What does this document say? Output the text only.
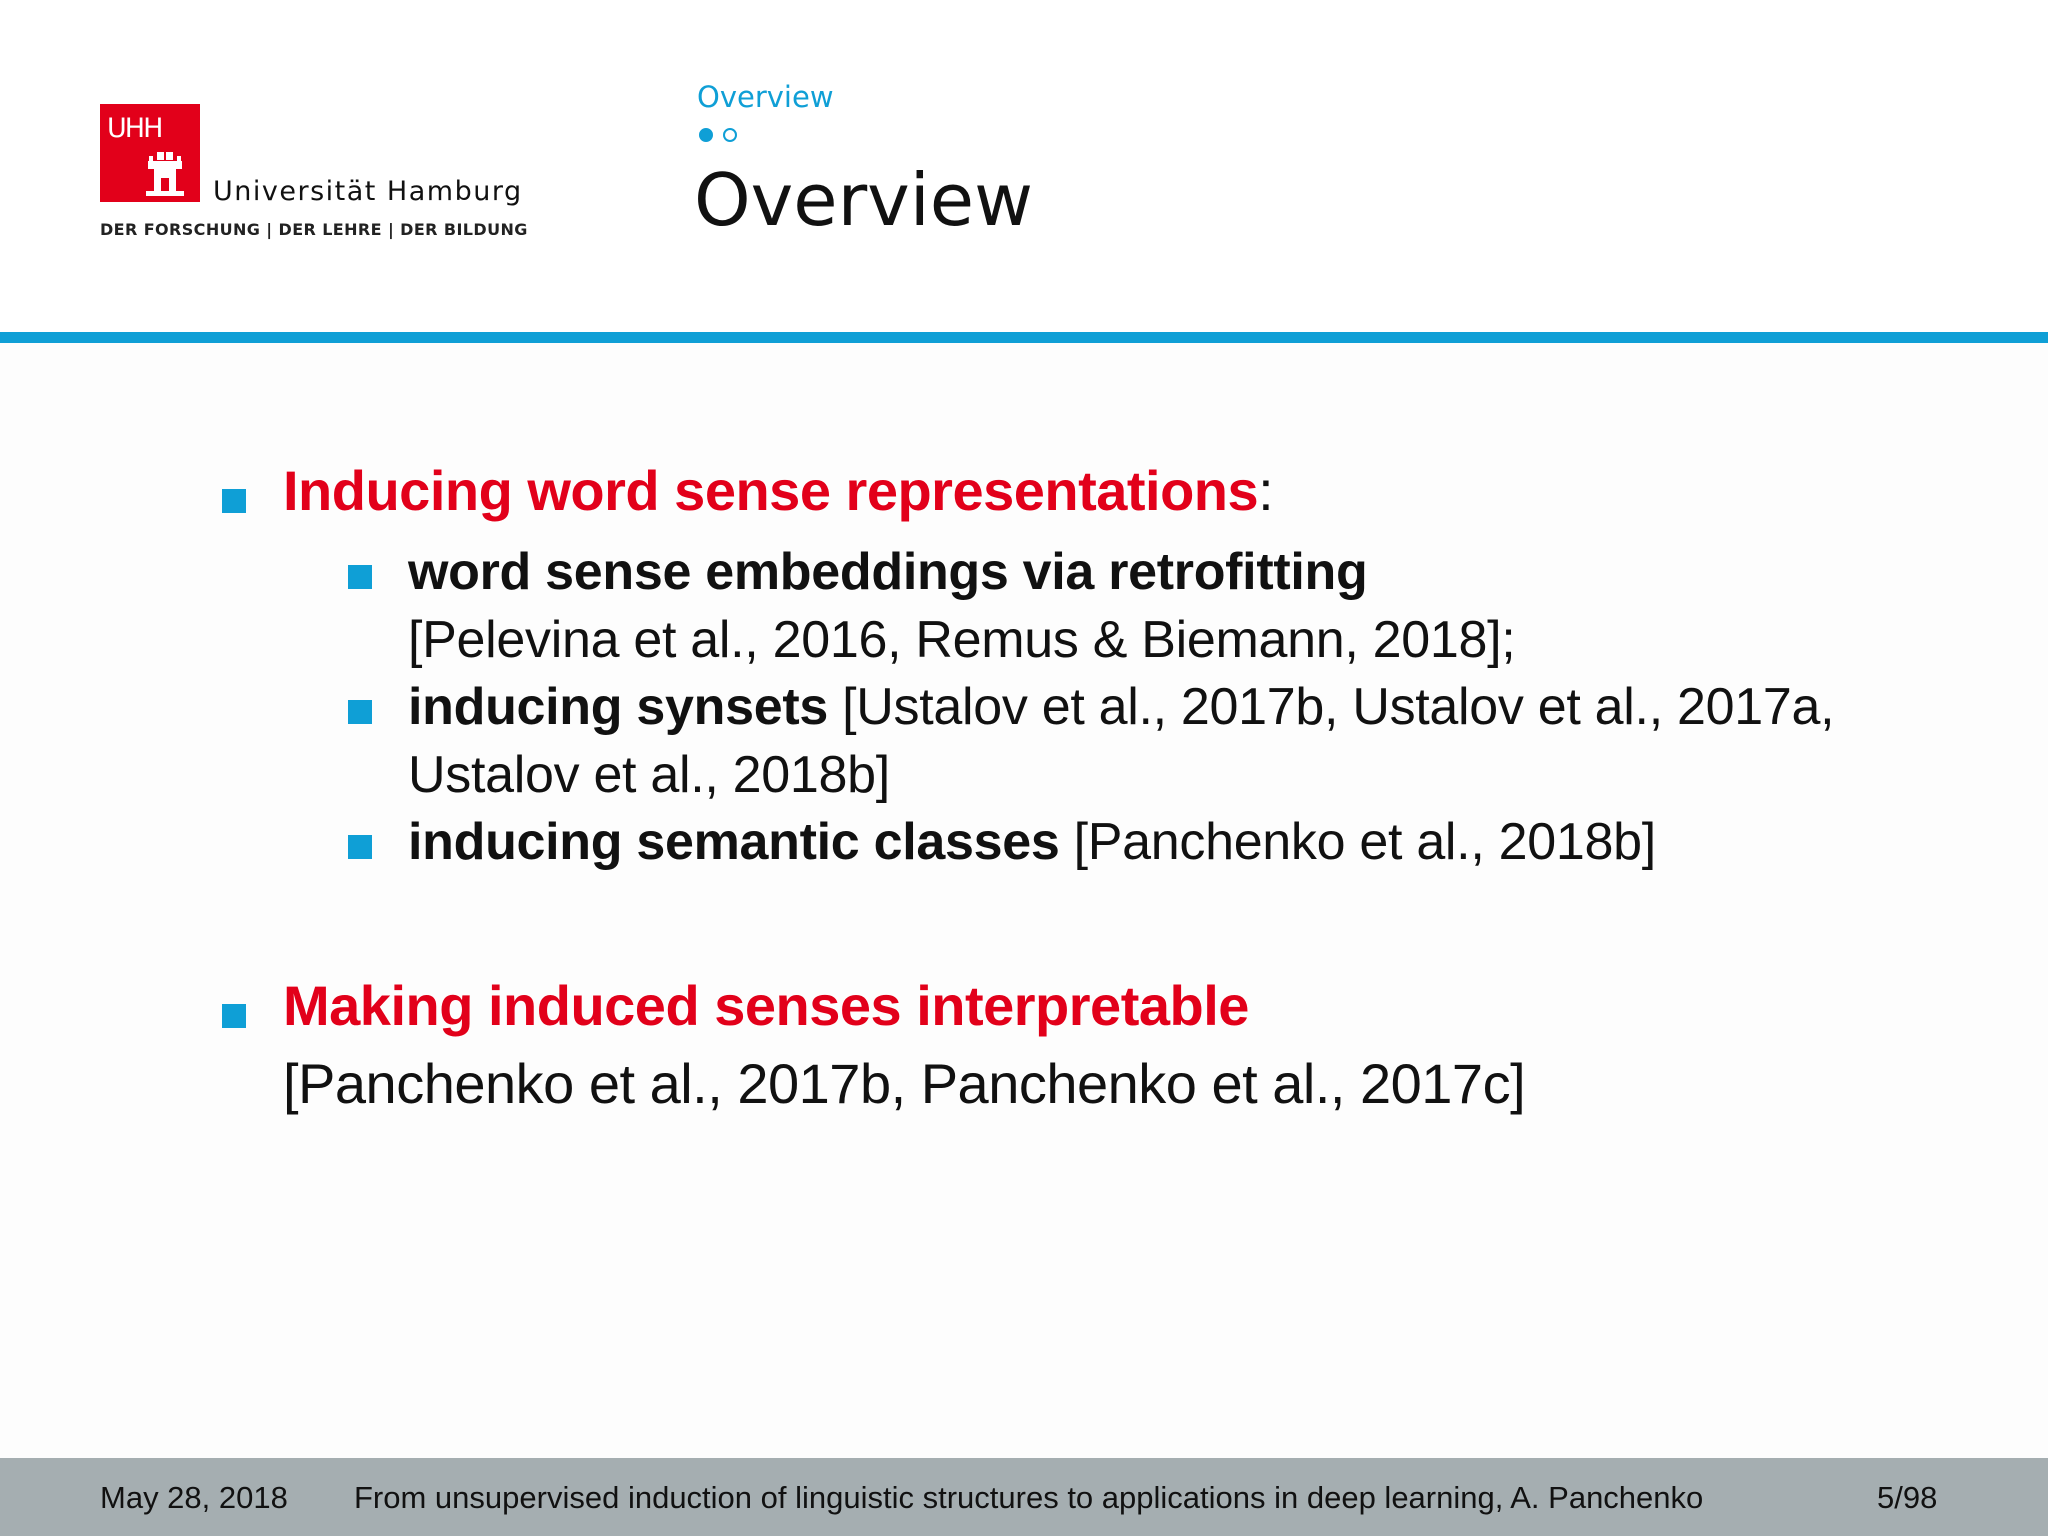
UHH
Universität Hamburg
DER FORSCHUNG | DER LEHRE | DER BILDUNG
Overview
Overview
Inducing word sense representations:
word sense embeddings via retrofitting
[Pelevina et al., 2016, Remus & Biemann, 2018];
inducing synsets [Ustalov et al., 2017b, Ustalov et al., 2017a,
Ustalov et al., 2018b]
inducing semantic classes [Panchenko et al., 2018b]
Making induced senses interpretable
[Panchenko et al., 2017b, Panchenko et al., 2017c]
May 28, 2018 From unsupervised induction of linguistic structures to applications in deep learning, A. Panchenko	5/98
